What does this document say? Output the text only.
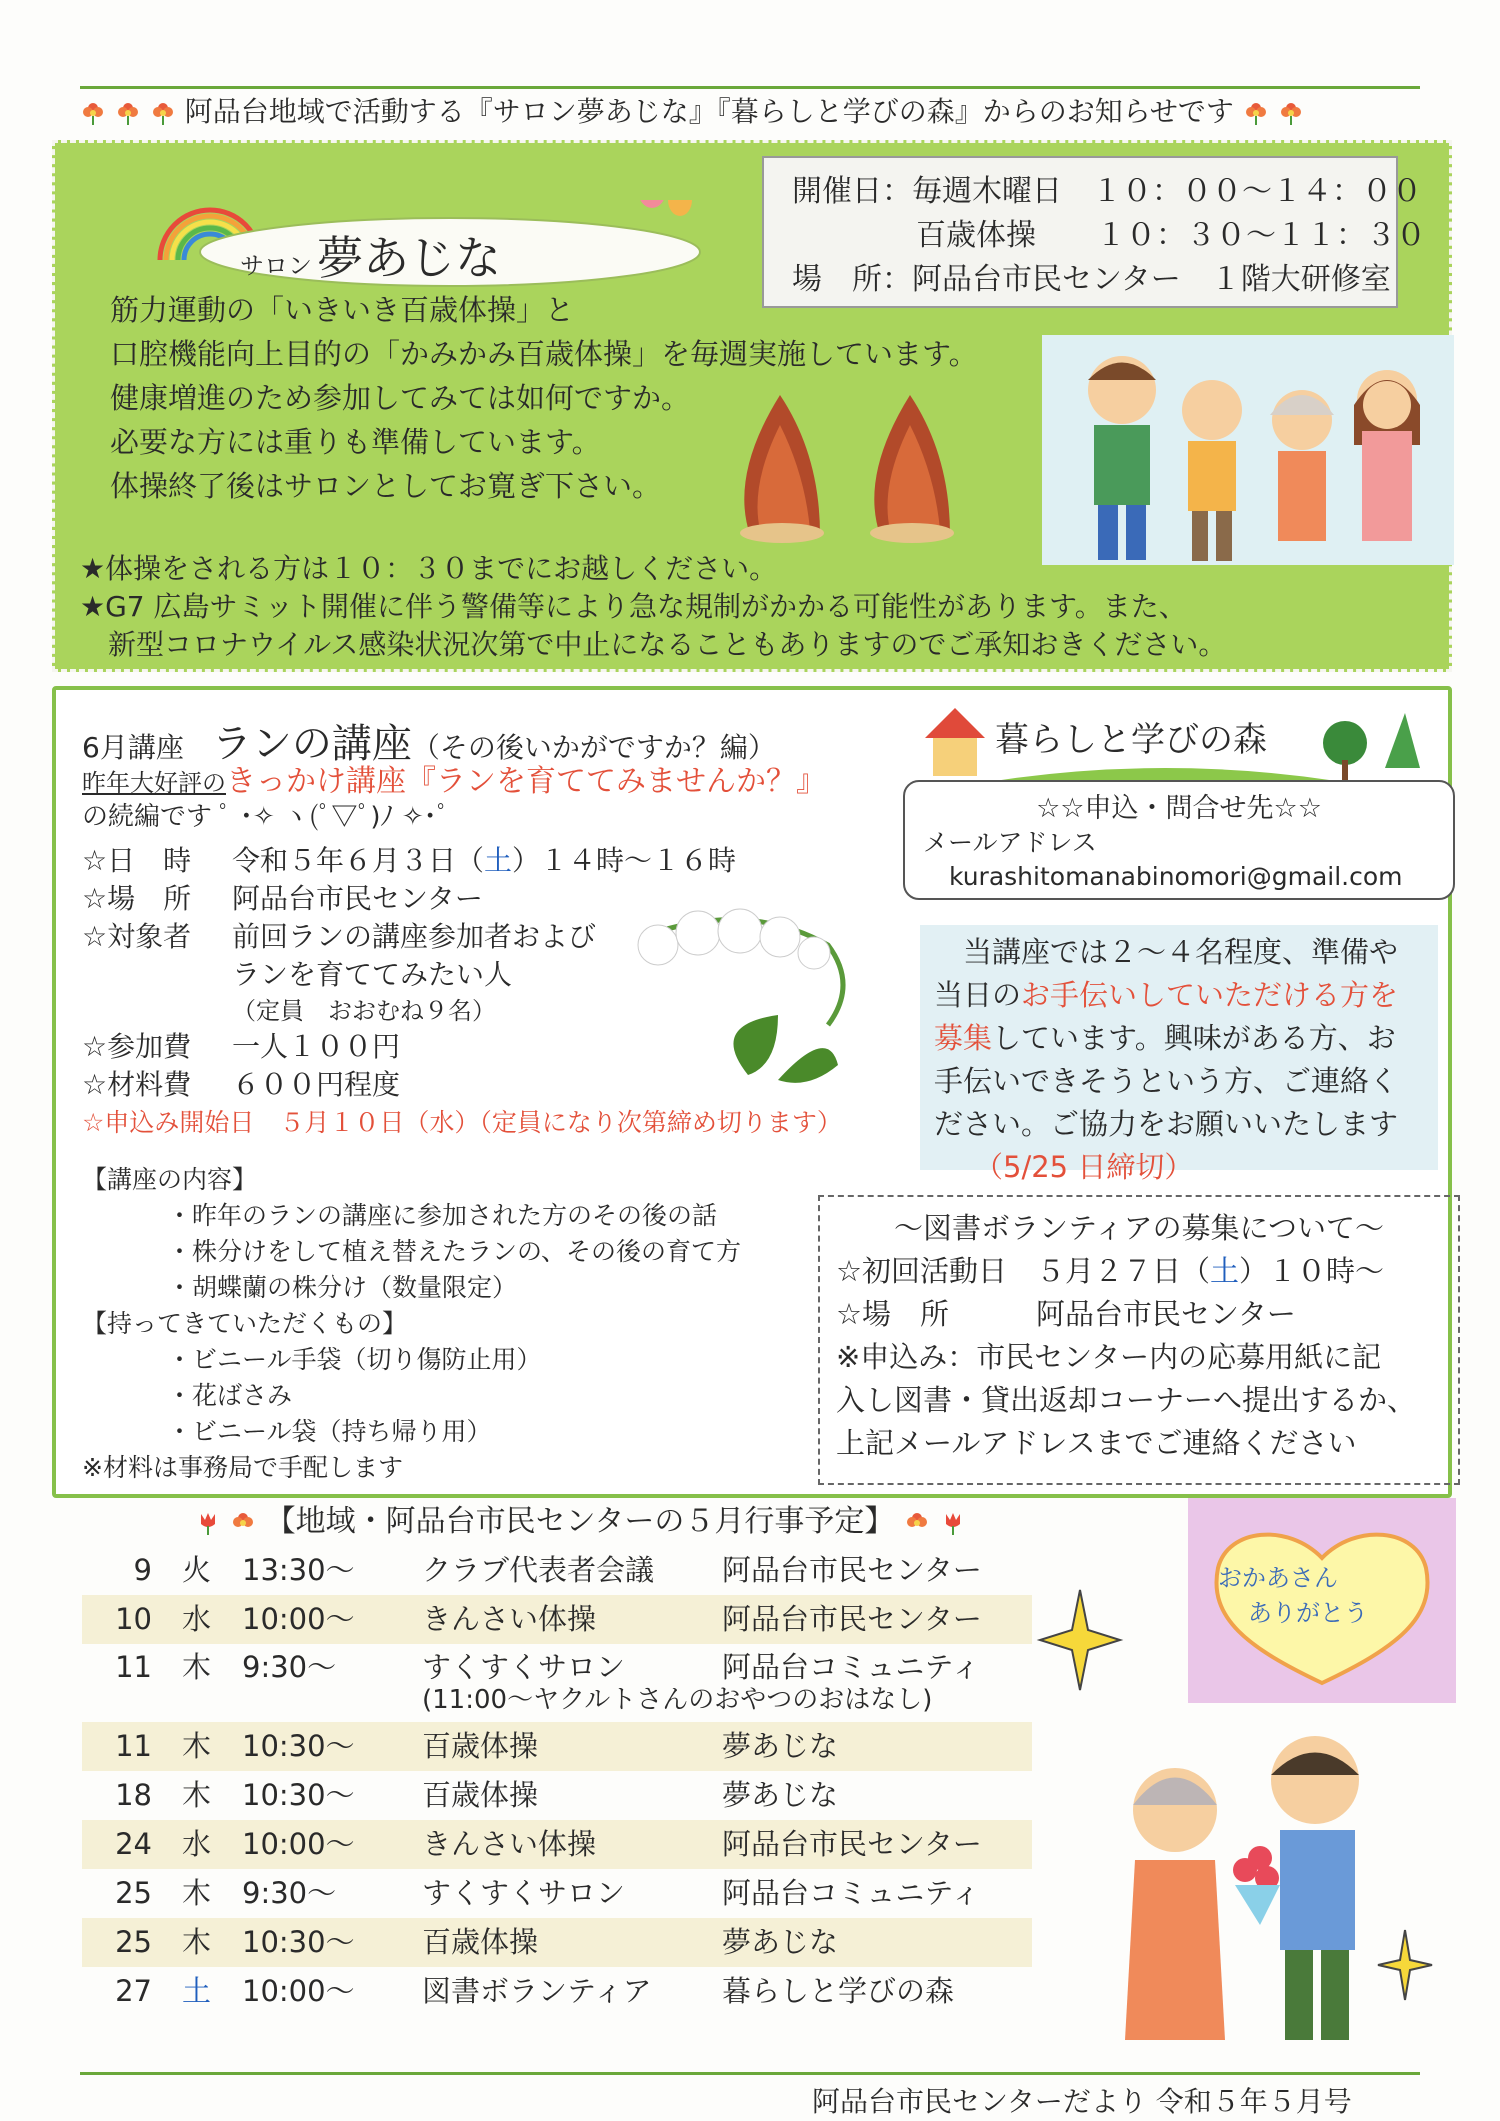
阿品台地域で活動する『サロン夢あじな』『暮らしと学びの森』からのお知らせです
サロン 夢あじな
開催日：毎週木曜日　１０：００～１４：００
百歳体操　　１０：３０～１１：３０
場　所：阿品台市民センター　１階大研修室
筋力運動の「いきいき百歳体操」と
口腔機能向上目的の「かみかみ百歳体操」を毎週実施しています。
健康増進のため参加してみては如何ですか。
必要な方には重りも準備しています。
体操終了後はサロンとしてお寛ぎ下さい。
★体操をされる方は１０：３０までにお越しください。
★G7 広島サミット開催に伴う警備等により急な規制がかかる可能性があります。また、
　新型コロナウイルス感染状況次第で中止になることもありますのでご承知おきください。
6月講座　ランの講座（その後いかがですか？編）
昨年大好評のきっかけ講座『ランを育ててみませんか？』
の続編です ﾟ ･✧ ヽ(ﾟ▽ﾟ)ﾉ ✧･ﾟ
☆日　時 令和５年６月３日（土）１４時～１６時
☆場　所 阿品台市民センター
☆対象者 前回ランの講座参加者および
ランを育ててみたい人
（定員　おおむね９名）
☆参加費 一人１００円
☆材料費 ６００円程度
☆申込み開始日　５月１０日（水）（定員になり次第締め切ります）
【講座の内容】
・昨年のランの講座に参加された方のその後の話
・株分けをして植え替えたランの、その後の育て方
・胡蝶蘭の株分け（数量限定）
【持ってきていただくもの】
・ビニール手袋（切り傷防止用）
・花ばさみ
・ビニール袋（持ち帰り用）
※材料は事務局で手配します
暮らしと学びの森
☆☆申込・問合せ先☆☆
メールアドレス
kurashitomanabinomori@gmail.com
　当講座では２～４名程度、準備や当日のお手伝いしていただける方を募集しています。興味がある方、お手伝いできそうという方、ご連絡ください。ご協力をお願いいたします
（5/25 日締切）
～図書ボランティアの募集について～
☆初回活動日　５月２７日（土）１０時～
☆場　所　　　阿品台市民センター
※申込み：市民センター内の応募用紙に記
入し図書・貸出返却コーナーへ提出するか、
上記メールアドレスまでご連絡ください
【地域・阿品台市民センターの５月行事予定】
9 火 13:30～ クラブ代表者会議 阿品台市民センター
10 水 10:00～ きんさい体操	阿品台市民センター
11 木 9:30～	すくすくサロン	阿品台コミュニティ
(11:00～ヤクルトさんのおやつのおはなし)
11 木 10:30～ 百歳体操	夢あじな
18 木 10:30～ 百歳体操	夢あじな
24 水 10:00～ きんさい体操	阿品台市民センター
25 木 9:30～	すくすくサロン	阿品台コミュニティ
25 木 10:30～ 百歳体操	夢あじな
27 土 10:00～ 図書ボランティア 暮らしと学びの森
おかあさん
ありがとう
阿品台市民センターだより 令和５年５月号
